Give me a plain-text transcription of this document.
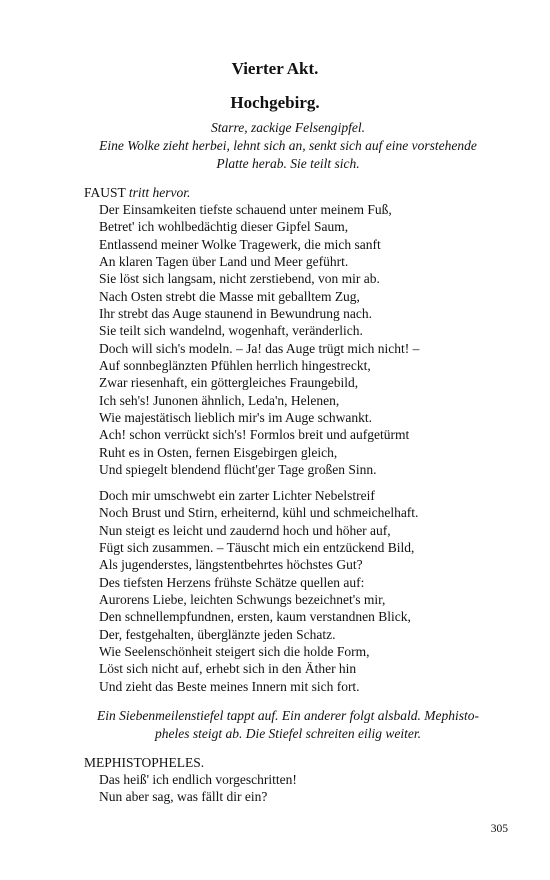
Vierter Akt.
Hochgebirg.
Starre, zackige Felsengipfel.
Eine Wolke zieht herbei, lehnt sich an, senkt sich auf eine vorstehende
Platte herab. Sie teilt sich.
FAUST tritt hervor.
Der Einsamkeiten tiefste schauend unter meinem Fuß,
Betret' ich wohlbedächtig dieser Gipfel Saum,
Entlassend meiner Wolke Tragewerk, die mich sanft
An klaren Tagen über Land und Meer geführt.
Sie löst sich langsam, nicht zerstiebend, von mir ab.
Nach Osten strebt die Masse mit geballtem Zug,
Ihr strebt das Auge staunend in Bewundrung nach.
Sie teilt sich wandelnd, wogenhaft, veränderlich.
Doch will sich's modeln. – Ja! das Auge trügt mich nicht! –
Auf sonnbeglänzten Pfühlen herrlich hingestreckt,
Zwar riesenhaft, ein göttergleiches Fraungebild,
Ich seh's! Junonen ähnlich, Leda'n, Helenen,
Wie majestätisch lieblich mir's im Auge schwankt.
Ach! schon verrückt sich's! Formlos breit und aufgetürmt
Ruht es in Osten, fernen Eisgebirgen gleich,
Und spiegelt blendend flücht'ger Tage großen Sinn.
Doch mir umschwebt ein zarter Lichter Nebelstreif
Noch Brust und Stirn, erheiternd, kühl und schmeichelhaft.
Nun steigt es leicht und zaudernd hoch und höher auf,
Fügt sich zusammen. – Täuscht mich ein entzückend Bild,
Als jugenderstes, längstentbehrtes höchstes Gut?
Des tiefsten Herzens frühste Schätze quellen auf:
Aurorens Liebe, leichten Schwungs bezeichnet's mir,
Den schnellempfundnen, ersten, kaum verstandnen Blick,
Der, festgehalten, überglänzte jeden Schatz.
Wie Seelenschönheit steigert sich die holde Form,
Löst sich nicht auf, erhebt sich in den Äther hin
Und zieht das Beste meines Innern mit sich fort.
Ein Siebenmeilenstiefel tappt auf. Ein anderer folgt alsbald. Mephisto-
pheles steigt ab. Die Stiefel schreiten eilig weiter.
MEPHISTOPHELES.
Das heiß' ich endlich vorgeschritten!
Nun aber sag, was fällt dir ein?
305
